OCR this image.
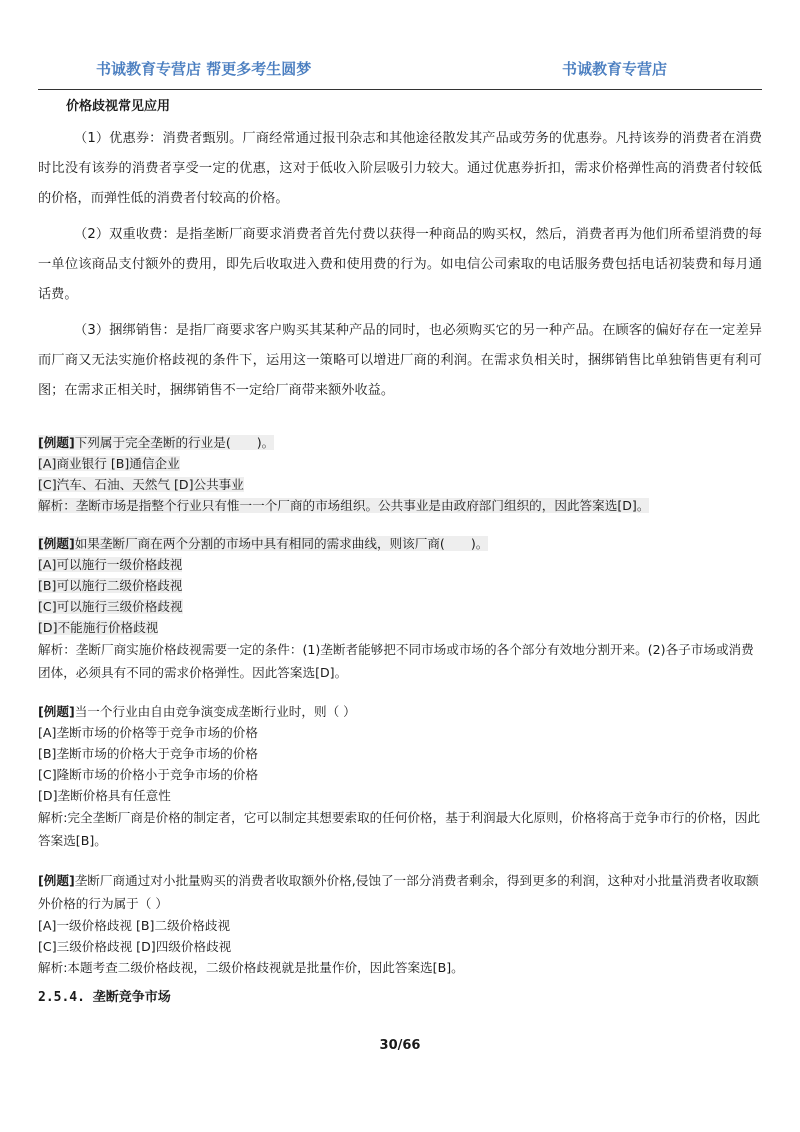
书诚教育专营店 帮更多考生圆梦	书诚教育专营店
价格歧视常见应用

（1）优惠券：消费者甄别。厂商经常通过报刊杂志和其他途径散发其产品或劳务的优惠券。凡持该券的消费者在消费时比没有该券的消费者享受一定的优惠，这对于低收入阶层吸引力较大。通过优惠券折扣，需求价格弹性高的消费者付较低的价格，而弹性低的消费者付较高的价格。

（2）双重收费：是指垄断厂商要求消费者首先付费以获得一种商品的购买权，然后，消费者再为他们所希望消费的每一单位该商品支付额外的费用，即先后收取进入费和使用费的行为。如电信公司索取的电话服务费包括电话初装费和每月通话费。

（3）捆绑销售：是指厂商要求客户购买其某种产品的同时，也必须购买它的另一种产品。在顾客的偏好存在一定差异而厂商又无法实施价格歧视的条件下，运用这一策略可以增进厂商的利润。在需求负相关时，捆绑销售比单独销售更有利可图；在需求正相关时，捆绑销售不一定给厂商带来额外收益。

[例题]下列属于完全垄断的行业是( )。
[A]商业银行 [B]通信企业
[C]汽车、石油、天然气 [D]公共事业
解析：垄断市场是指整个行业只有惟一一个厂商的市场组织。公共事业是由政府部门组织的，因此答案选[D]。
[例题]如果垄断厂商在两个分割的市场中具有相同的需求曲线，则该厂商( )。
[A]可以施行一级价格歧视
[B]可以施行二级价格歧视
[C]可以施行三级价格歧视
[D]不能施行价格歧视
解析：垄断厂商实施价格歧视需要一定的条件：(1)垄断者能够把不同市场或市场的各个部分有效地分割开来。(2)各子市场或消费团体，必须具有不同的需求价格弹性。因此答案选[D]。
[例题]当一个行业由自由竞争演变成垄断行业时，则（ ）
[A]垄断市场的价格等于竞争市场的价格
[B]垄断市场的价格大于竞争市场的价格
[C]隆断市场的价格小于竞争市场的价格
[D]垄断价格具有任意性
解析:完全垄断厂商是价格的制定者，它可以制定其想要索取的任何价格，基于利润最大化原则，价格将高于竞争市行的价格，因此答案选[B]。
[例题]垄断厂商通过对小批量购买的消费者收取额外价格,侵蚀了一部分消费者剩余，得到更多的利润，这种对小批量消费者收取额外价格的行为属于（ ）
[A]一级价格歧视 [B]二级价格歧视
[C]三级价格歧视 [D]四级价格歧视
解析:本题考查二级价格歧视，二级价格歧视就是批量作价，因此答案选[B]。
2.5.4. 垄断竞争市场
30/66
